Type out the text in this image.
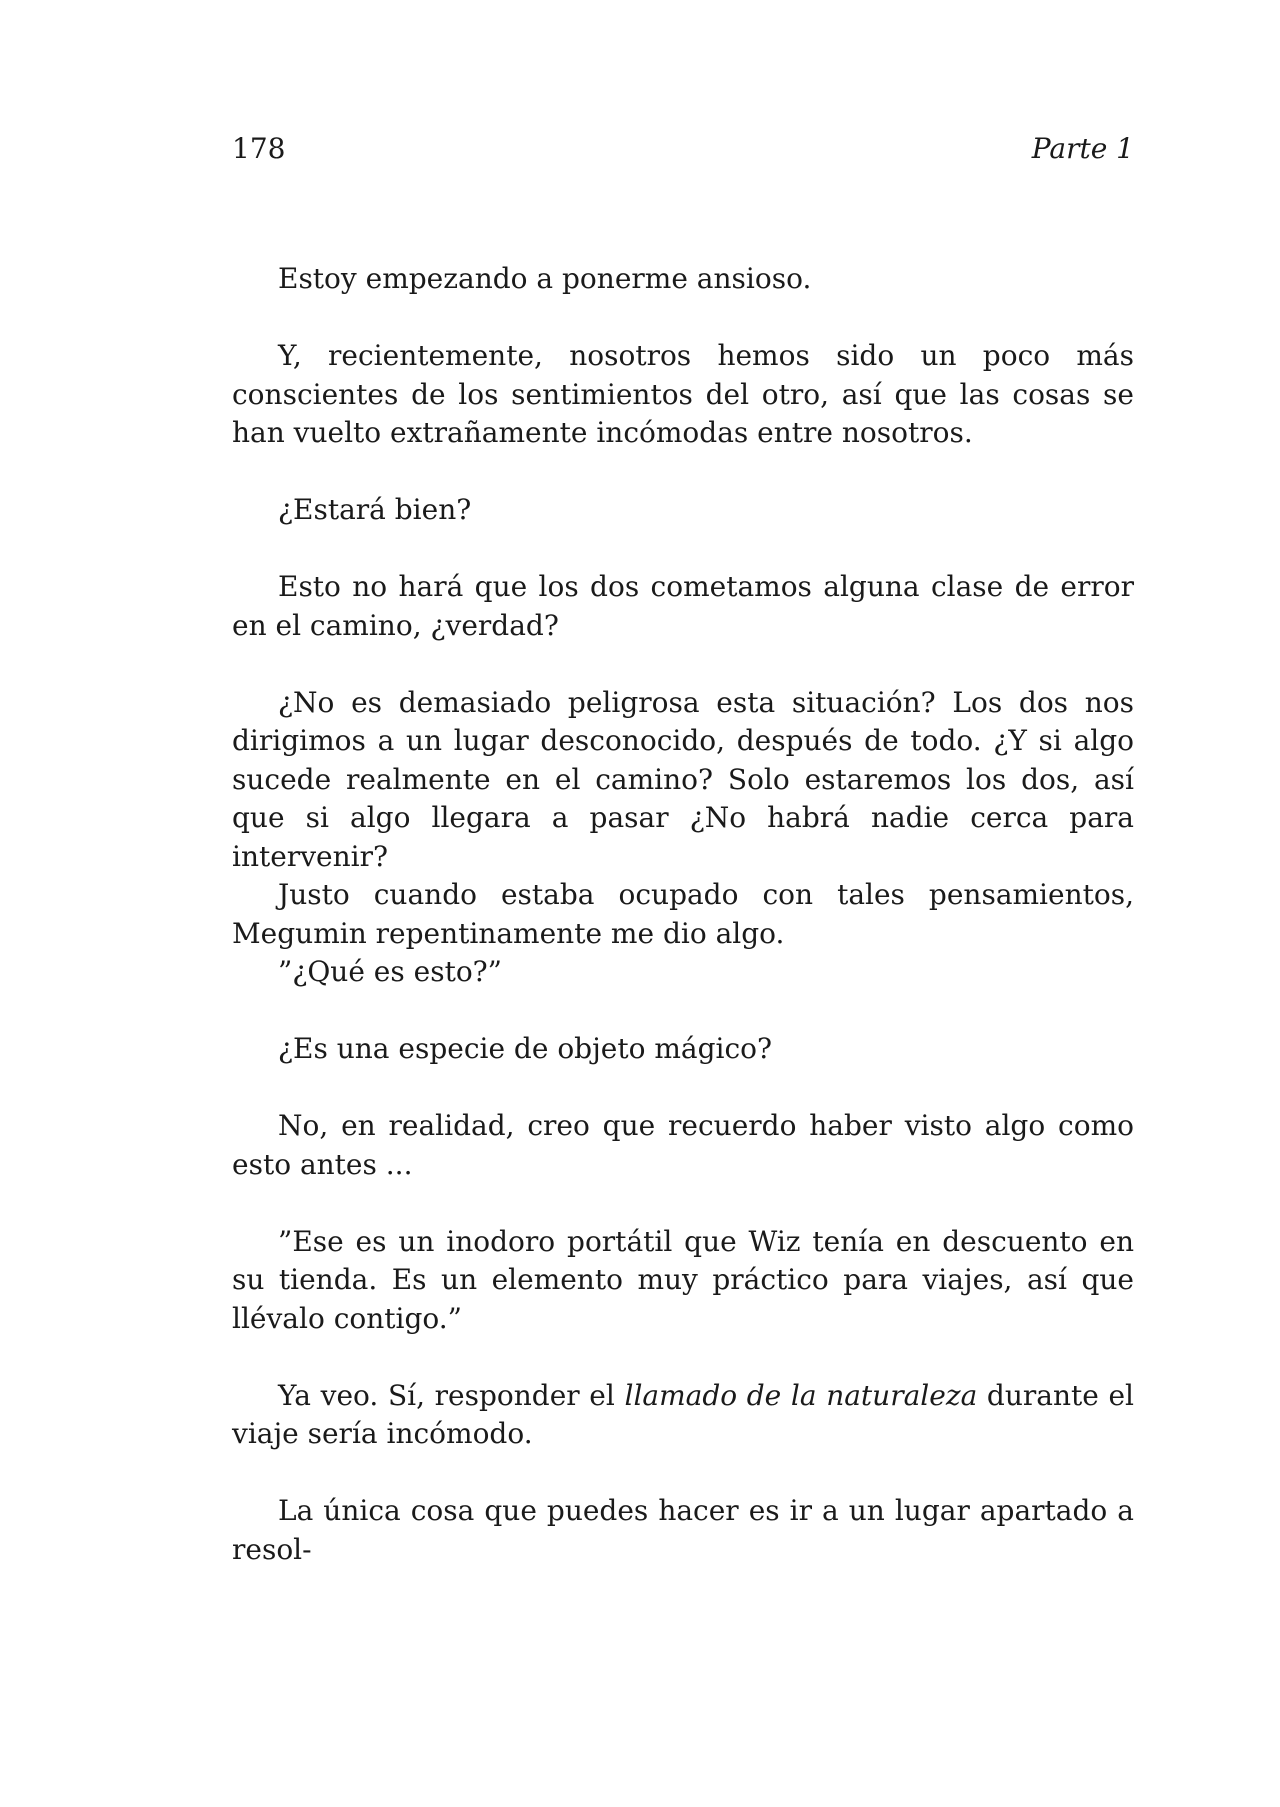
178	Parte 1

Estoy empezando a ponerme ansioso.

Y, recientemente, nosotros hemos sido un poco más conscientes de los sentimientos del otro, así que las cosas se han vuelto extrañamente incómodas entre nosotros.

¿Estará bien?

Esto no hará que los dos cometamos alguna clase de error en el camino, ¿verdad?

¿No es demasiado peligrosa esta situación? Los dos nos dirigimos a un lugar desconocido, después de todo. ¿Y si algo sucede realmente en el camino? Solo estaremos los dos, así que si algo llegara a pasar ¿No habrá nadie cerca para intervenir?

Justo cuando estaba ocupado con tales pensamientos, Megumin repentinamente me dio algo.

”¿Qué es esto?”

¿Es una especie de objeto mágico?

No, en realidad, creo que recuerdo haber visto algo como esto antes ...

”Ese es un inodoro portátil que Wiz tenía en descuento en su tienda. Es un elemento muy práctico para viajes, así que llévalo contigo.”

Ya veo. Sí, responder el llamado de la naturaleza durante el viaje sería incómodo.

La única cosa que puedes hacer es ir a un lugar apartado a resol-
